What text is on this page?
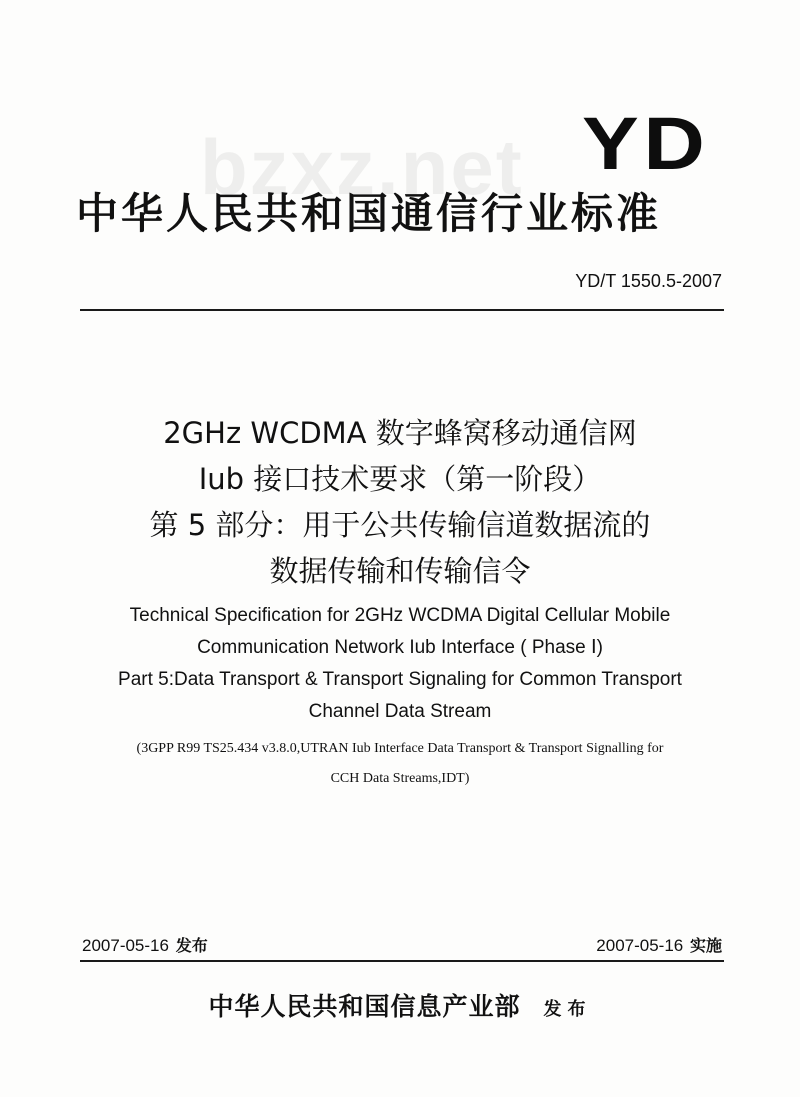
bzxz.net YD
中华人民共和国通信行业标准
YD/T 1550.5-2007
2GHz WCDMA 数字蜂窝移动通信网
Iub 接口技术要求（第一阶段）
第 5 部分：用于公共传输信道数据流的
数据传输和传输信令
Technical Specification for 2GHz WCDMA Digital Cellular Mobile
Communication Network Iub Interface ( Phase Ⅰ)
Part 5:Data Transport & Transport Signaling for Common Transport
Channel Data Stream
(3GPP R99 TS25.434 v3.8.0,UTRAN Iub Interface Data Transport & Transport Signalling for
CCH Data Streams,IDT)
2007-05-16 发布	2007-05-16 实施
中华人民共和国信息产业部 发布
